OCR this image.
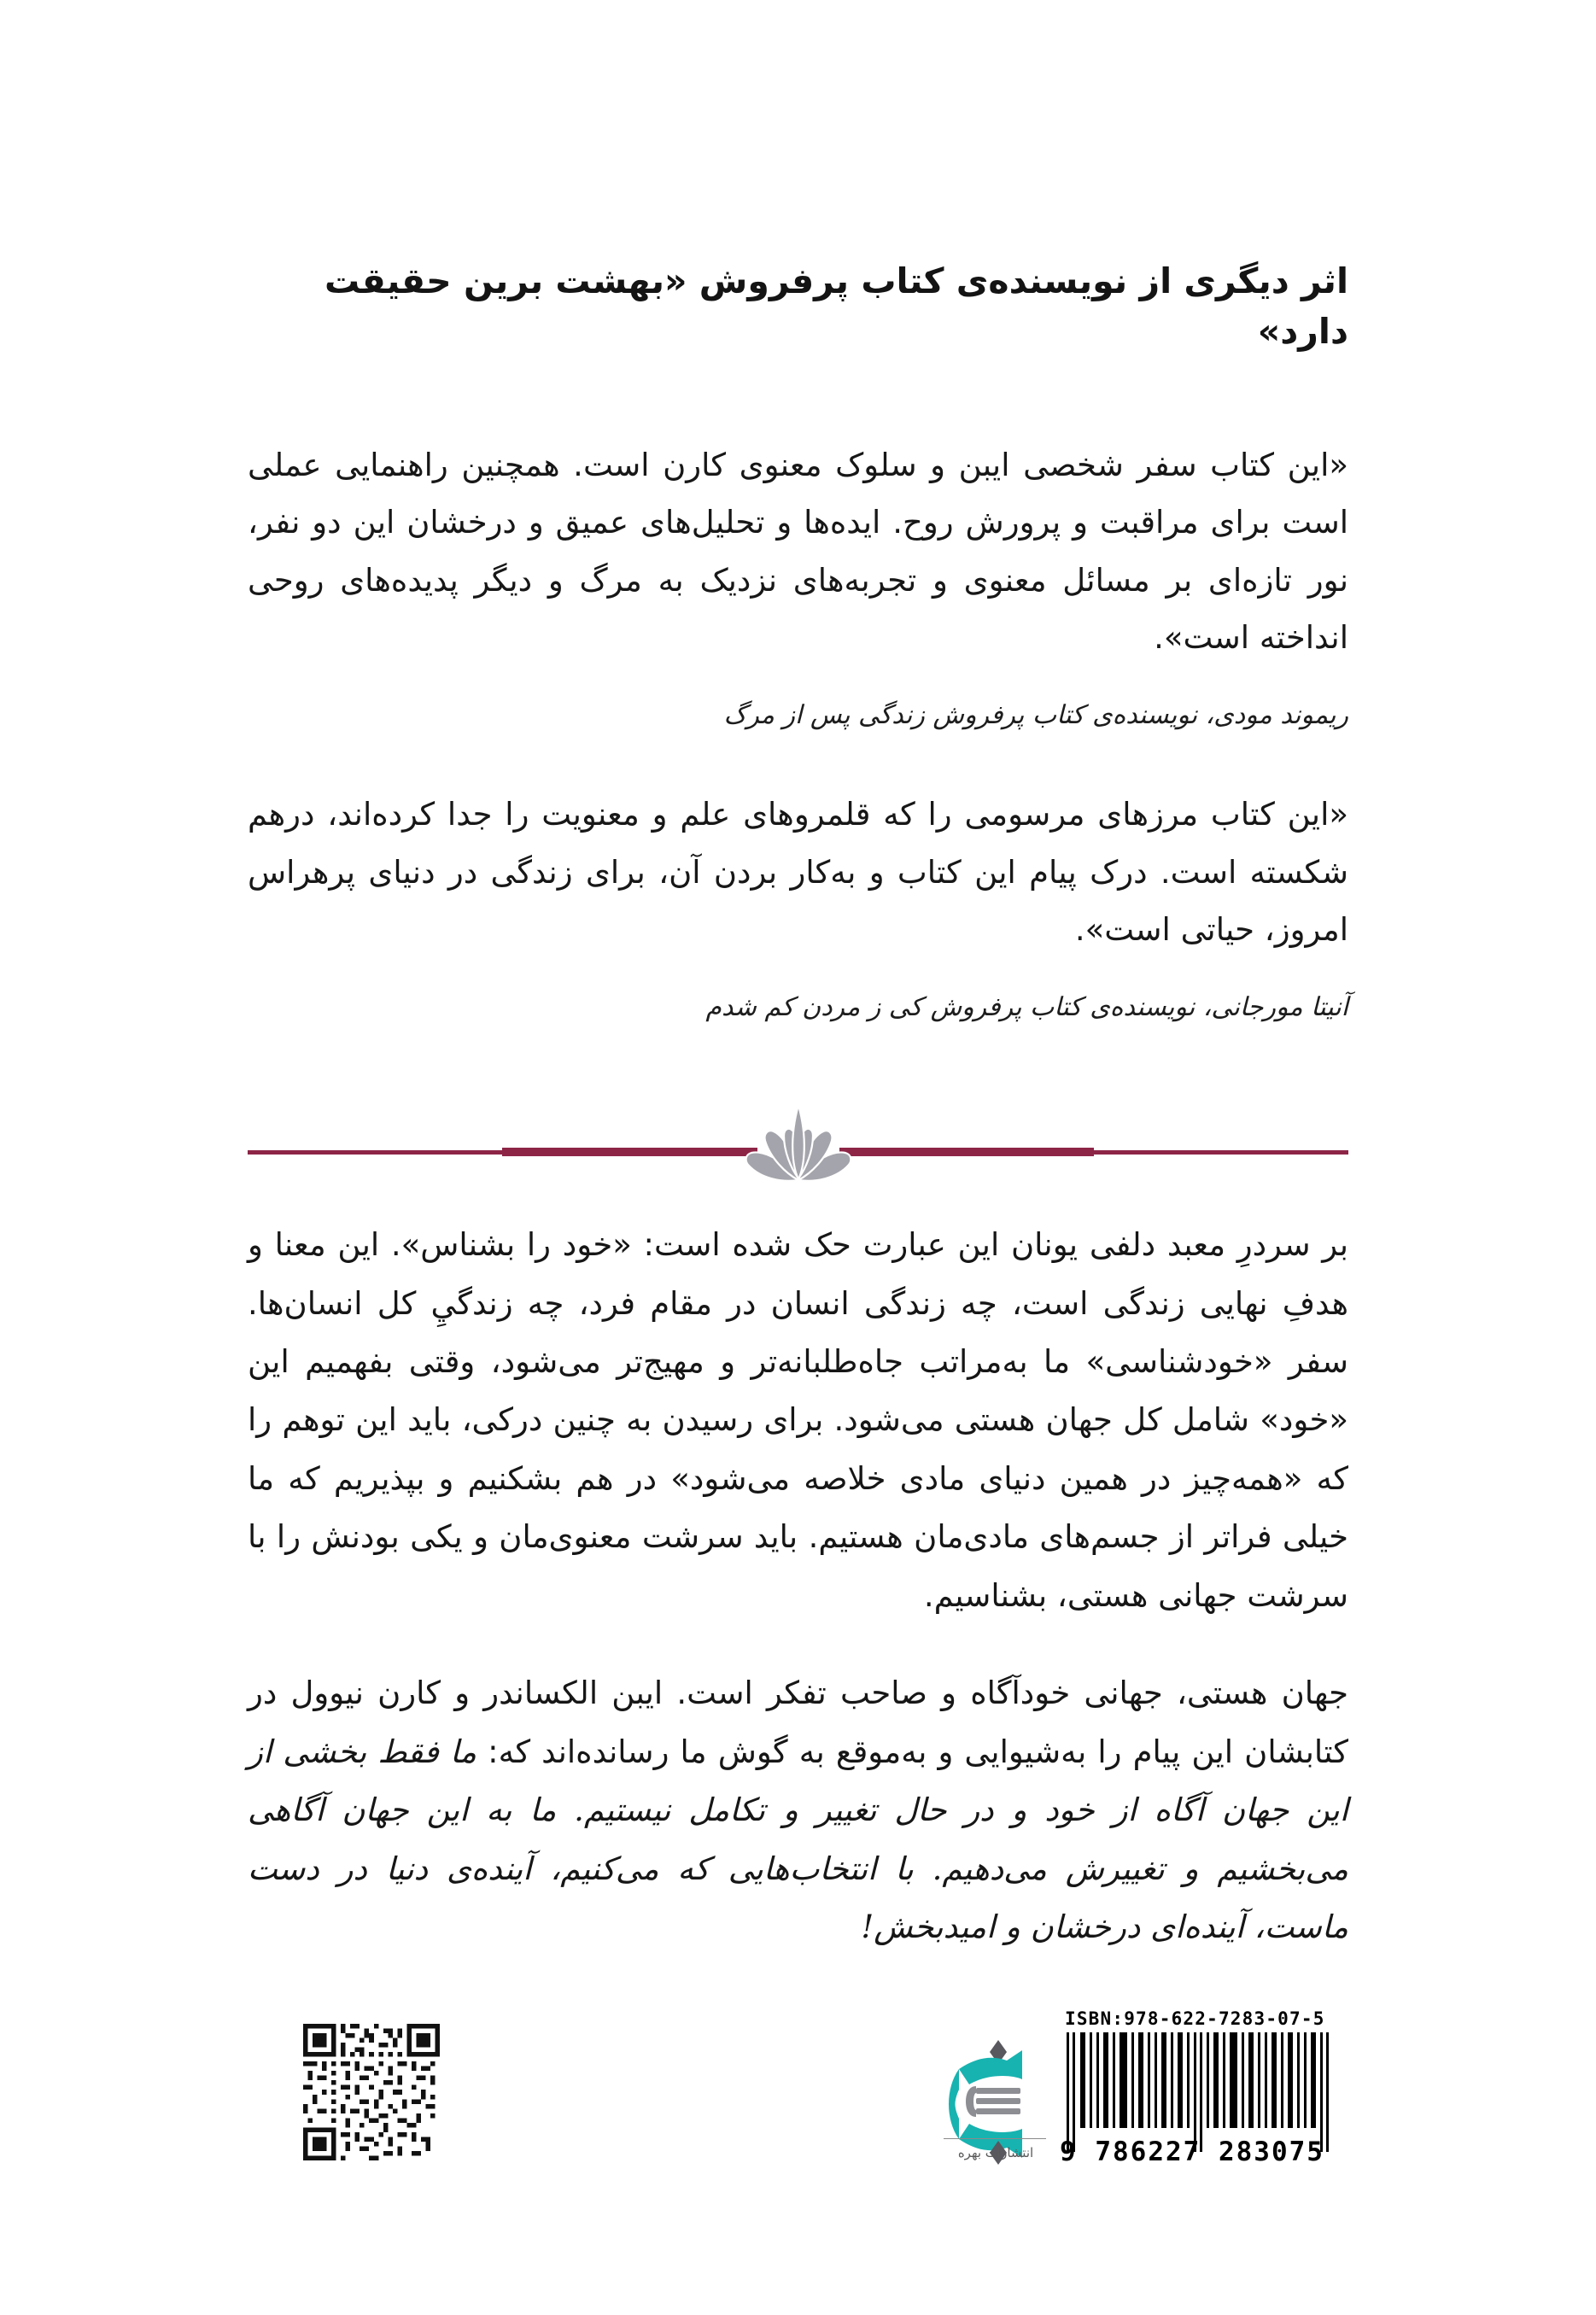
اثر دیگری از نویسنده‌ی کتاب پرفروش «بهشت برین حقیقت دارد»

«این کتاب سفر شخصی ایبن و سلوک معنوی کارن است. همچنین راهنمایی عملی است برای مراقبت و پرورش روح. ایده‌ها و تحلیل‌های عمیق و درخشان این دو نفر، نور تازه‌ای بر مسائل معنوی و تجربه‌های نزدیک به مرگ و دیگر پدیده‌های روحی انداخته است».

ریموند مودی، نویسنده‌ی کتاب پرفروش زندگی پس از مرگ

«این کتاب مرزهای مرسومی را که قلمروهای علم و معنویت را جدا کرده‌اند، درهم شکسته است. درک پیام این کتاب و به‌کار بردن آن، برای زندگی در دنیای پرهراس امروز، حیاتی است».

آنیتا مورجانی، نویسنده‌ی کتاب پرفروش کی ز مردن کم شدم

بر سردرِ معبد دلفی یونان این عبارت حک شده است: «خود را بشناس». این معنا و هدفِ نهایی زندگی است، چه زندگی انسان در مقام فرد، چه زندگيِ کل انسان‌ها. سفر «خودشناسی» ما به‌مراتب جاه‌طلبانه‌تر و مهیج‌تر می‌شود، وقتی بفهمیم این «خود» شامل کل جهان هستی می‌شود. برای رسیدن به چنین درکی، باید این توهم را که «همه‌چیز در همین دنیای مادی خلاصه می‌شود» در هم بشکنیم و بپذیریم که ما خیلی فراتر از جسم‌های مادی‌مان هستیم. باید سرشت معنوی‌مان و یکی بودنش را با سرشت جهانی هستی، بشناسیم.

جهان هستی، جهانی خودآگاه و صاحب تفکر است. ایبن الکساندر و کارن نیوول در کتابشان این پیام را به‌شیوایی و به‌موقع به گوش ما رسانده‌اند که: ما فقط بخشی از این جهان آگاه از خود و در حال تغییر و تکامل نیستیم. ما به این جهان آگاهی می‌بخشیم و تغییرش می‌دهیم. با انتخاب‌هایی که می‌کنیم، آینده‌ی دنیا در دست ماست، آینده‌ای درخشان و امیدبخش!

انتشارات بهره
ISBN:978-622-7283-07-5
9 786227 283075
